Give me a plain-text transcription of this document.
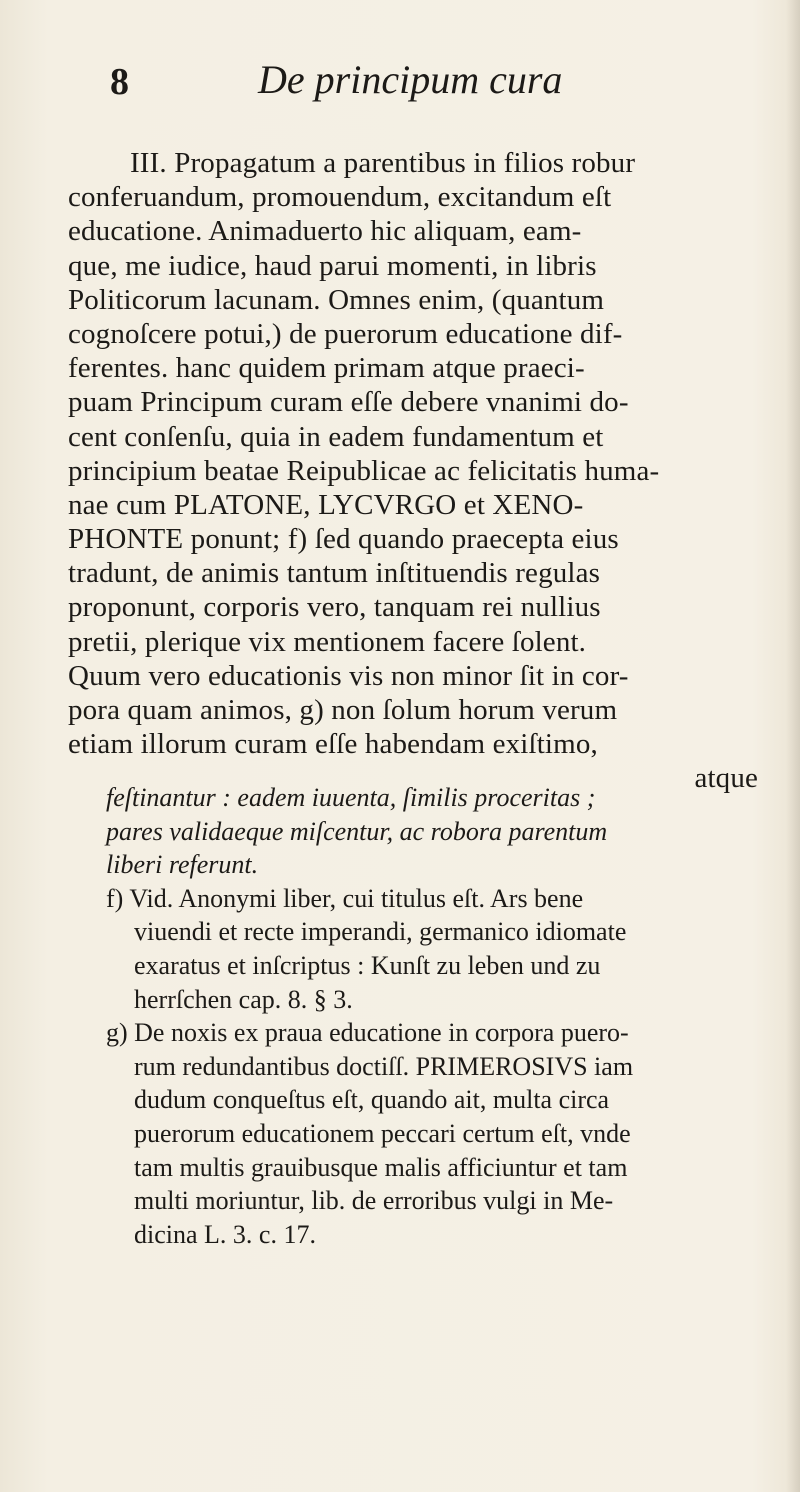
8	De principum cura
III. Propagatum a parentibus in filios robur
conferuandum, promouendum, excitandum eſt
educatione. Animaduerto hic aliquam, eam-
que, me iudice, haud parui momenti, in libris
Politicorum lacunam. Omnes enim, (quantum
cognoſcere potui,) de puerorum educatione dif-
ferentes. hanc quidem primam atque praeci-
puam Principum curam eſſe debere vnanimi do-
cent conſenſu, quia in eadem fundamentum et
principium beatae Reipublicae ac felicitatis huma-
nae cum PLATONE, LYCVRGO et XENO-
PHONTE ponunt; f) ſed quando praecepta eius
tradunt, de animis tantum inſtituendis regulas
proponunt, corporis vero, tanquam rei nullius
pretii, plerique vix mentionem facere ſolent.
Quum vero educationis vis non minor ſit in cor-
pora quam animos, g) non ſolum horum verum
etiam illorum curam eſſe habendam exiſtimo,
atque
feſtinantur : eadem iuuenta, ſimilis proceritas ;
pares validaeque miſcentur, ac robora parentum
liberi referunt.
f) Vid. Anonymi liber, cui titulus eſt. Ars bene
viuendi et recte imperandi, germanico idiomate
exaratus et inſcriptus : Kunſt zu leben und zu
herrſchen cap. 8. § 3.
g) De noxis ex praua educatione in corpora puero-
rum redundantibus doctiſſ. PRIMEROSIVS iam
dudum conqueſtus eſt, quando ait, multa circa
puerorum educationem peccari certum eſt, vnde
tam multis grauibusque malis afficiuntur et tam
multi moriuntur, lib. de erroribus vulgi in Me-
dicina L. 3. c. 17.
